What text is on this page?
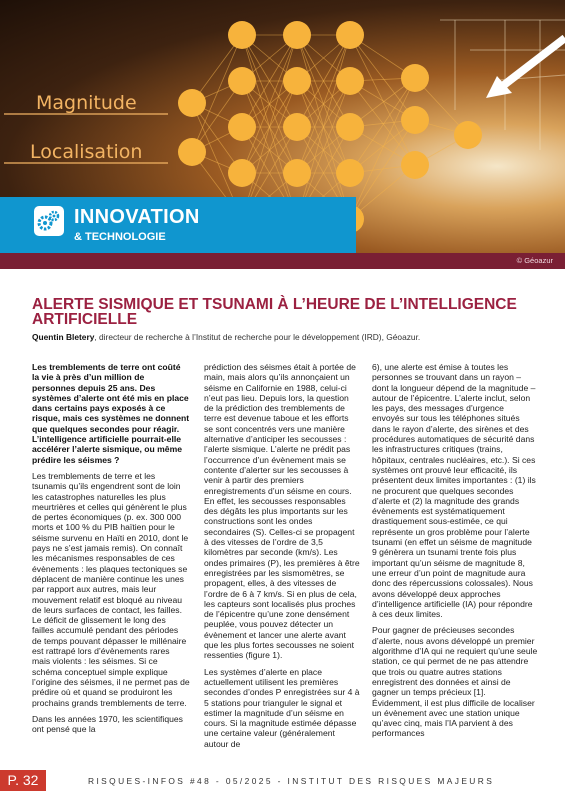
Magnitude
Localisation
INNOVATION
& TECHNOLOGIE
© Géoazur
ALERTE SISMIQUE ET TSUNAMI À L’HEURE DE L’INTELLIGENCE ARTIFICIELLE
Quentin Bletery, directeur de recherche à l’Institut de recherche pour le développement (IRD), Géoazur.

Les tremblements de terre ont coûté la vie à près d’un million de personnes depuis 25 ans. Des systèmes d’alerte ont été mis en place dans certains pays exposés à ce risque, mais ces systèmes ne donnent que quelques secondes pour réagir. L’intelligence artificielle pourrait-elle accélérer l’alerte sismique, ou même prédire les séismes ?

Les tremblements de terre et les tsunamis qu’ils engendrent sont de loin les catastrophes naturelles les plus meurtrières et celles qui génèrent le plus de pertes économiques (p. ex. 300 000 morts et 100 % du PIB haïtien pour le séisme survenu en Haïti en 2010, dont le pays ne s’est jamais remis). On connaît les mécanismes responsables de ces évènements : les plaques tectoniques se déplacent de manière continue les unes par rapport aux autres, mais leur mouvement relatif est bloqué au niveau de leurs surfaces de contact, les failles. Le déficit de glissement le long des failles accumulé pendant des périodes de temps pouvant dépasser le millénaire est rattrapé lors d’évènements rares mais violents : les séismes. Si ce schéma conceptuel simple explique l’origine des séismes, il ne permet pas de prédire où et quand se produiront les prochains grands tremblements de terre.

Dans les années 1970, les scientifiques ont pensé que la

prédiction des séismes était à portée de main, mais alors qu’ils annonçaient un séisme en Californie en 1988, celui-ci n’eut pas lieu. Depuis lors, la question de la prédiction des tremblements de terre est devenue taboue et les efforts se sont concentrés vers une manière alternative d’anticiper les secousses : l’alerte sismique. L’alerte ne prédit pas l’occurrence d’un évènement mais se contente d’alerter sur les secousses à venir à partir des premiers enregistrements d’un séisme en cours. En effet, les secousses responsables des dégâts les plus importants sur les constructions sont les ondes secondaires (S). Celles-ci se propagent à des vitesses de l’ordre de 3,5 kilomètres par seconde (km/s). Les ondes primaires (P), les premières à être enregistrées par les sismomètres, se propagent, elles, à des vitesses de l’ordre de 6 à 7 km/s. Si en plus de cela, les capteurs sont localisés plus proches de l’épicentre qu’une zone densément peuplée, vous pouvez détecter un évènement et lancer une alerte avant que les plus fortes secousses ne soient ressenties (figure 1).

Les systèmes d’alerte en place actuellement utilisent les premières secondes d’ondes P enregistrées sur 4 à 5 stations pour trianguler le signal et estimer la magnitude d’un séisme en cours. Si la magnitude estimée dépasse une certaine valeur (généralement autour de

6), une alerte est émise à toutes les personnes se trouvant dans un rayon – dont la longueur dépend de la magnitude – autour de l’épicentre. L’alerte inclut, selon les pays, des messages d’urgence envoyés sur tous les téléphones situés dans le rayon d’alerte, des sirènes et des procédures automatiques de sécurité dans les infrastructures critiques (trains, hôpitaux, centrales nucléaires, etc.). Si ces systèmes ont prouvé leur efficacité, ils présentent deux limites importantes : (1) ils ne procurent que quelques secondes d’alerte et (2) la magnitude des grands évènements est systématiquement drastiquement sous-estimée, ce qui représente un gros problème pour l’alerte tsunami (en effet un séisme de magnitude 9 génèrera un tsunami trente fois plus important qu’un séisme de magnitude 8, une erreur d’un point de magnitude aura donc des répercussions colossales). Nous avons développé deux approches d’intelligence artificielle (IA) pour répondre à ces deux limites.

Pour gagner de précieuses secondes d’alerte, nous avons développé un premier algorithme d’IA qui ne requiert qu’une seule station, ce qui permet de ne pas attendre que trois ou quatre autres stations enregistrent des données et ainsi de gagner un temps précieux [1]. Évidemment, il est plus difficile de localiser un évènement avec une station unique qu’avec cinq, mais l’IA parvient à des performances

P. 32	RISQUES-INFOS #48 - 05/2025 - INSTITUT DES RISQUES MAJEURS
